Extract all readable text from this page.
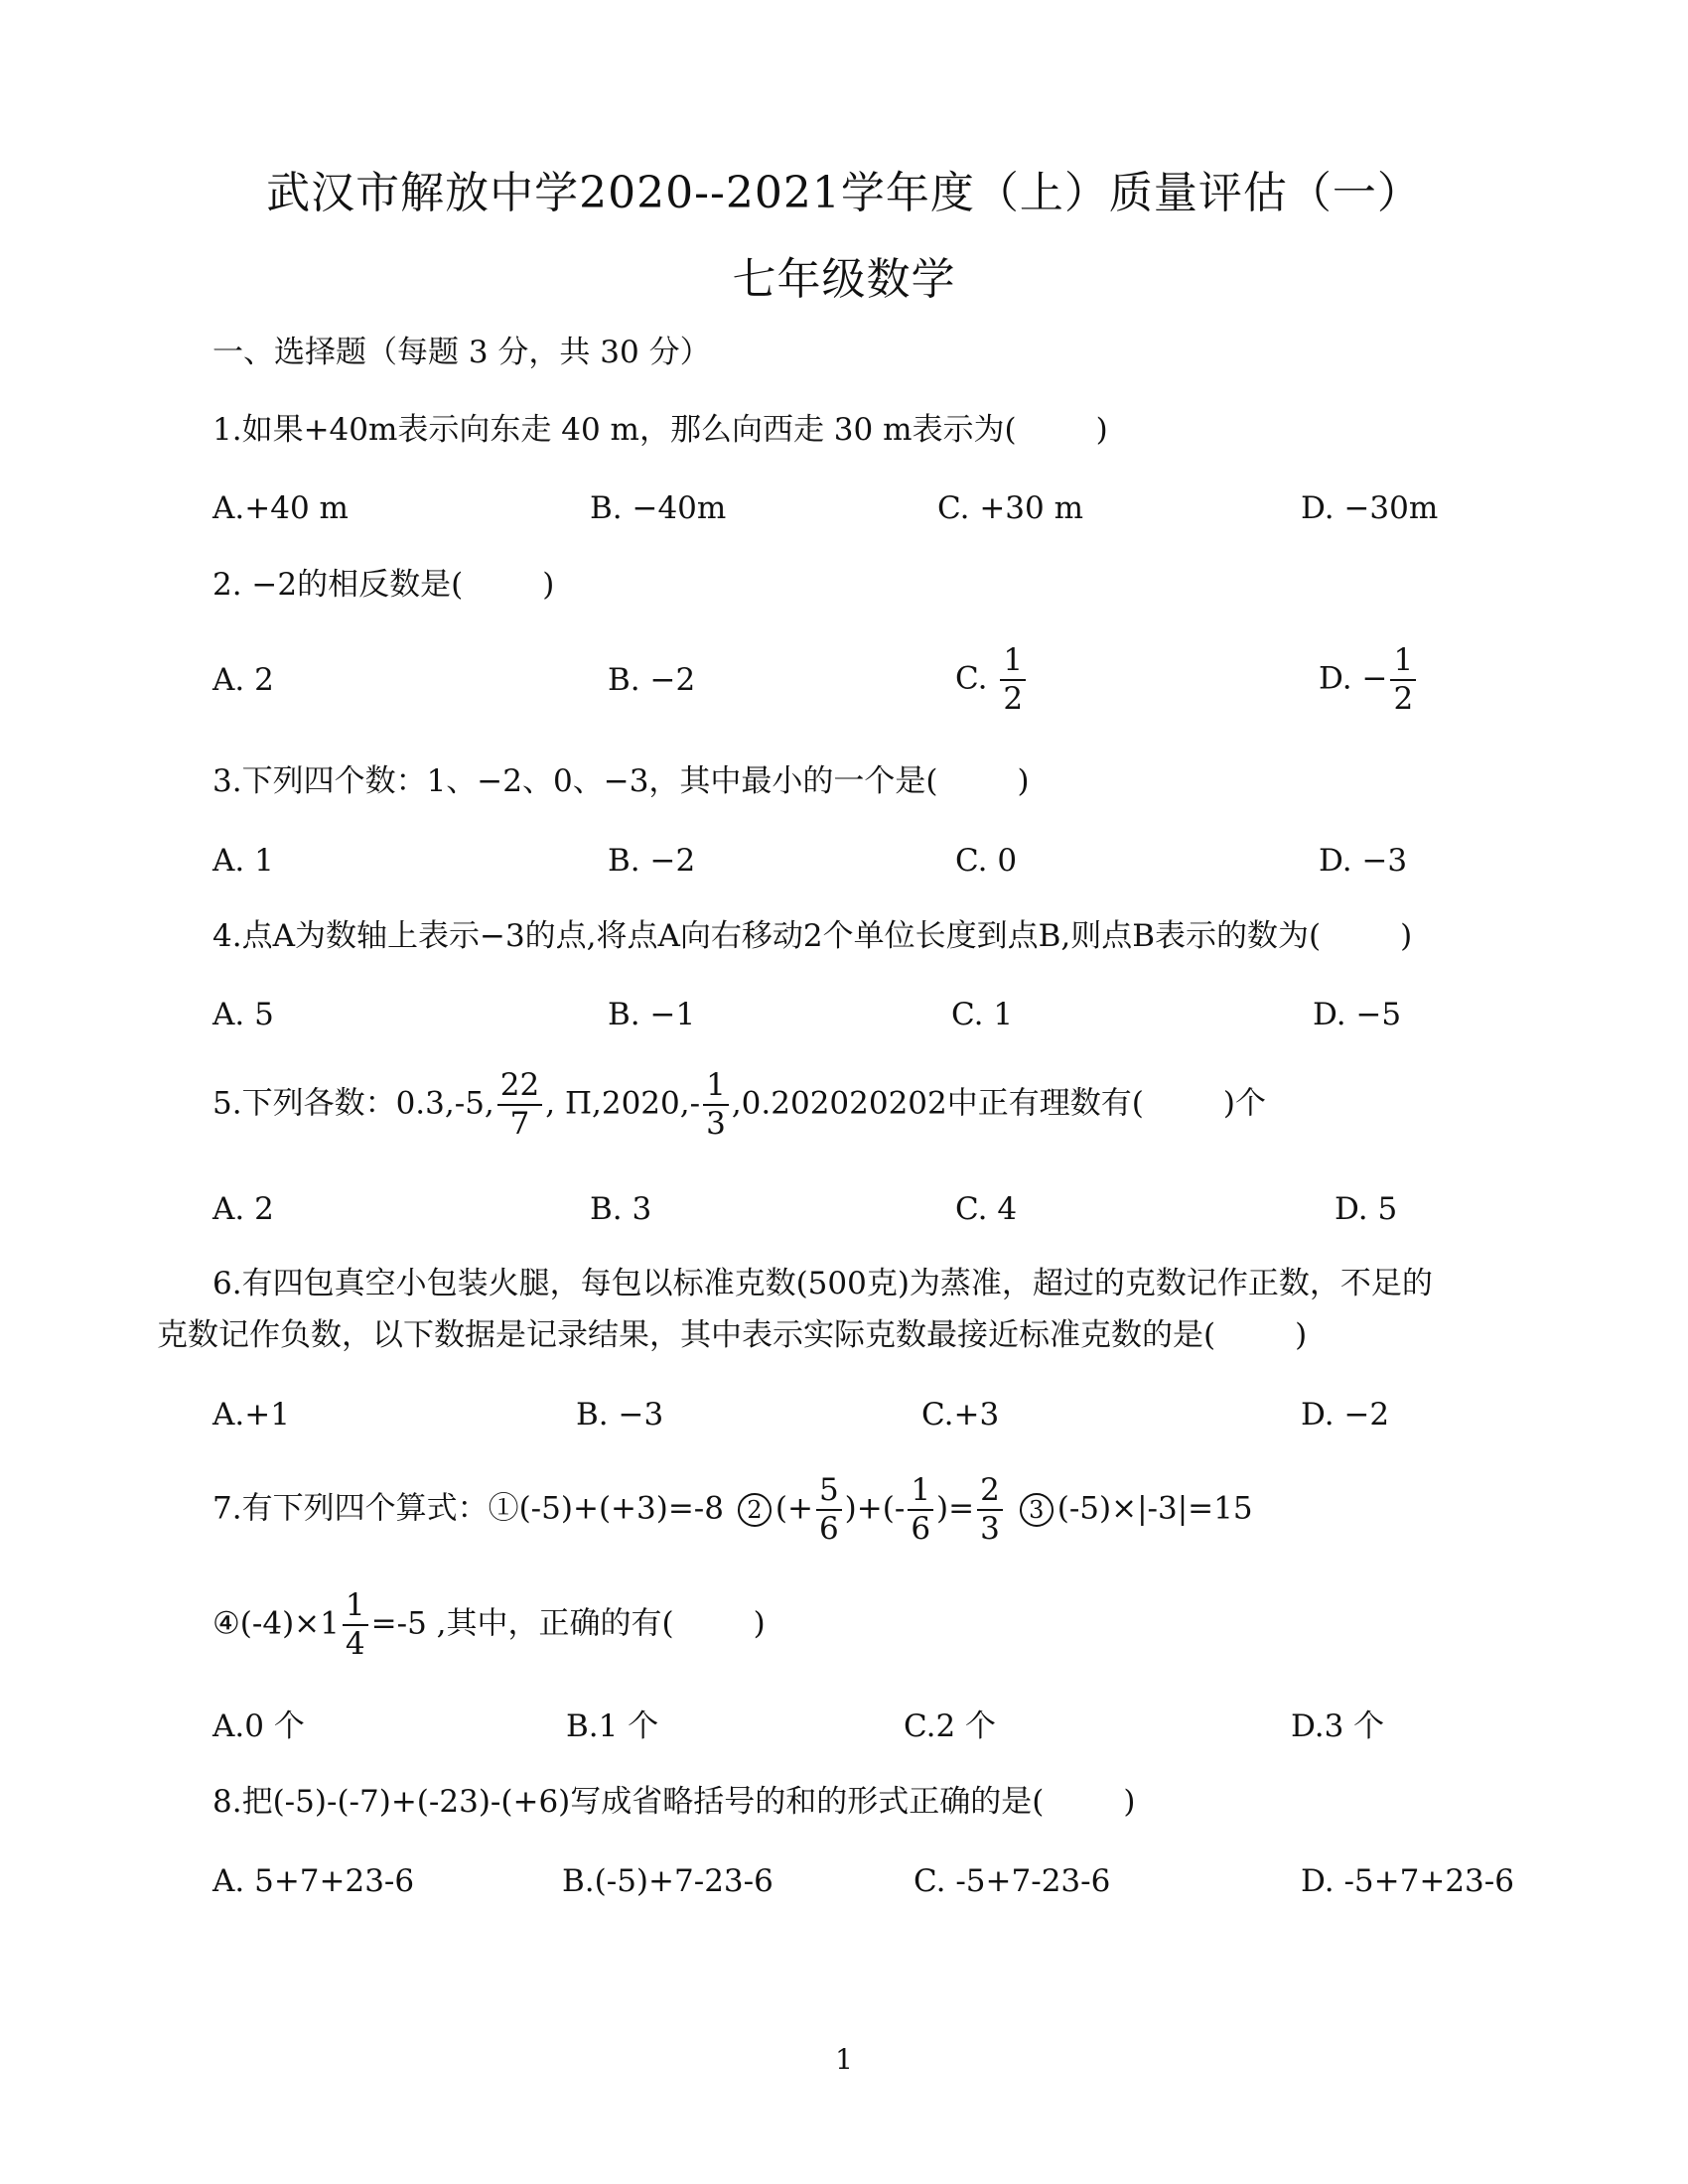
武汉市解放中学2020--2021学年度（上）质量评估（一）
七年级数学
一、选择题（每题 3 分，共 30 分）
1.如果+40m表示向东走 40 m，那么向西走 30 m表示为(	)
A.+40 m	B. −40m	C. +30 m	D. −30m
2. −2的相反数是(	)
A. 2	B. −2	C. $\frac{1}{2}$	D. − $\frac{1}{2}$
3.下列四个数：1、−2、0、−3，其中最小的一个是(	)
A. 1	B. −2	C. 0	D. −3
4.点A为数轴上表示−3的点,将点A向右移动2个单位长度到点B,则点B表示的数为(	)
A. 5	B. −1	C. 1	D. −5
5.下列各数：0.3,-5, $\frac{22}{7}$ , $\Pi,2020,- \frac{1}{3} ,0.202020202$中正有理数有(	)个
A. 2	B. 3	C. 4	D. 5
6.有四包真空小包装火腿，每包以标准克数(500克)为蒸准，超过的克数记作正数，不足的
克数记作负数，以下数据是记录结果，其中表示实际克数最接近标准克数的是(	)
A.+1	B. −3	C.+3	D. −2
7.有下列四个算式：①(-5)+(+3)=-8 2 (+ $\frac{5}{6}$ )+(- $\frac{1}{6}$ )= $\frac{2}{3} 3$ (-5)×|-3|=15
④(-4)×1 $\frac{1}{4} =-5$ ,其中，正确的有(	)
A.0 个	B.1 个	C.2 个	D.3 个
8.把(-5)-(-7)+(-23)-(+6)写成省略括号的和的形式正确的是(	)
A. 5+7+23-6	B.(-5)+7-23-6	C. -5+7-23-6	D. -5+7+23-6
1
